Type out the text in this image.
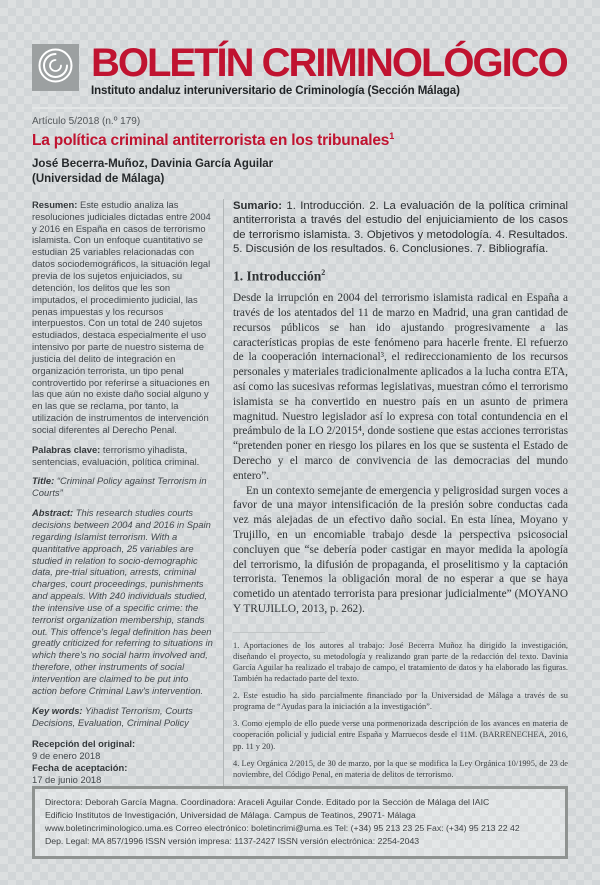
BOLETÍN CRIMINOLÓGICO
Instituto andaluz interuniversitario de Criminología (Sección Málaga)
Artículo 5/2018 (n.º 179)
La política criminal antiterrorista en los tribunales$^1$
José Becerra-Muñoz, Davinia García Aguilar
(Universidad de Málaga)

Resumen: Este estudio analiza las resoluciones judiciales dictadas entre 2004 y 2016 en España en casos de terrorismo islamista. Con un enfoque cuantitativo se estudian 25 variables relacionadas con datos sociodemográficos, la situación legal previa de los sujetos enjuiciados, su detención, los delitos que les son imputados, el procedimiento judicial, las penas impuestas y los recursos interpuestos. Con un total de 240 sujetos estudiados, destaca especialmente el uso intensivo por parte de nuestro sistema de justicia del delito de integración en organización terrorista, un tipo penal controvertido por referirse a situaciones en las que aún no existe daño social alguno y en las que se reclama, por tanto, la utilización de instrumentos de intervención social diferentes al Derecho Penal.

Palabras clave: terrorismo yihadista, sentencias, evaluación, política criminal.

Title: “Criminal Policy against Terrorism in Courts”

Abstract: This research studies courts decisions between 2004 and 2016 in Spain regarding Islamist terrorism. With a quantitative approach, 25 variables are studied in relation to socio-demographic data, pre-trial situation, arrests, criminal charges, court proceedings, punishments and appeals. With 240 individuals studied, the intensive use of a specific crime: the terrorist organization membership, stands out. This offence's legal definition has been greatly criticized for referring to situations in which there's no social harm involved and, therefore, other instruments of social intervention are claimed to be put into action before Criminal Law's intervention.

Key words: Yihadist Terrorism, Courts Decisions, Evaluation, Criminal Policy

Recepción del original:
9 de enero 2018
Fecha de aceptación:
17 de junio 2018

Sumario: 1. Introducción. 2. La evaluación de la política criminal antiterrorista a través del estudio del enjuiciamiento de los casos de terrorismo islamista. 3. Objetivos y metodología. 4. Resultados. 5. Discusión de los resultados. 6. Conclusiones. 7. Bibliografía.

1. Introducción$^2$

Desde la irrupción en 2004 del terrorismo islamista radical en España a través de los atentados del 11 de marzo en Madrid, una gran cantidad de recursos públicos se han ido ajustando progresivamente a las características propias de este fenómeno para hacerle frente. El refuerzo de la cooperación internacional³, el redireccionamiento de los recursos personales y materiales tradicionalmente aplicados a la lucha contra ETA, así como las sucesivas reformas legislativas, muestran cómo el terrorismo islamista se ha convertido en nuestro país en un asunto de primera magnitud. Nuestro legislador así lo expresa con total contundencia en el preámbulo de la LO 2/2015⁴, donde sostiene que estas acciones terroristas “pretenden poner en riesgo los pilares en los que se sustenta el Estado de Derecho y el marco de convivencia de las democracias del mundo entero”.

En un contexto semejante de emergencia y peligrosidad surgen voces a favor de una mayor intensificación de la presión sobre conductas cada vez más alejadas de un efectivo daño social. En esta línea, Moyano y Trujillo, en un encomiable trabajo desde la perspectiva psicosocial concluyen que “se debería poder castigar en mayor medida la apología del terrorismo, la difusión de propaganda, el proselitismo y la captación terrorista. Tenemos la obligación moral de no esperar a que se haya cometido un atentado terrorista para presionar judicialmente” (MOYANO Y TRUJILLO, 2013, p. 262).

1. Aportaciones de los autores al trabajo: José Becerra Muñoz ha dirigido la investigación, diseñando el proyecto, su metodología y realizando gran parte de la redacción del texto. Davinia García Aguilar ha realizado el trabajo de campo, el tratamiento de datos y ha elaborado las figuras. También ha redactado parte del texto.

2. Este estudio ha sido parcialmente financiado por la Universidad de Málaga a través de su programa de “Ayudas para la iniciación a la investigación”.

3. Como ejemplo de ello puede verse una pormenorizada descripción de los avances en materia de cooperación policial y judicial entre España y Marruecos desde el 11M. (BARRENECHEA, 2016, pp. 11 y 20).

4. Ley Orgánica 2/2015, de 30 de marzo, por la que se modifica la Ley Orgánica 10/1995, de 23 de noviembre, del Código Penal, en materia de delitos de terrorismo.

Directora: Deborah García Magna. Coordinadora: Araceli Aguilar Conde. Editado por la Sección de Málaga del IAIC

Edificio Institutos de Investigación, Universidad de Málaga. Campus de Teatinos, 29071- Málaga

www.boletincriminologico.uma.es Correo electrónico: boletincrimi@uma.es Tel: (+34) 95 213 23 25 Fax: (+34) 95 213 22 42

Dep. Legal: MA 857/1996 ISSN versión impresa: 1137-2427 ISSN versión electrónica: 2254-2043
